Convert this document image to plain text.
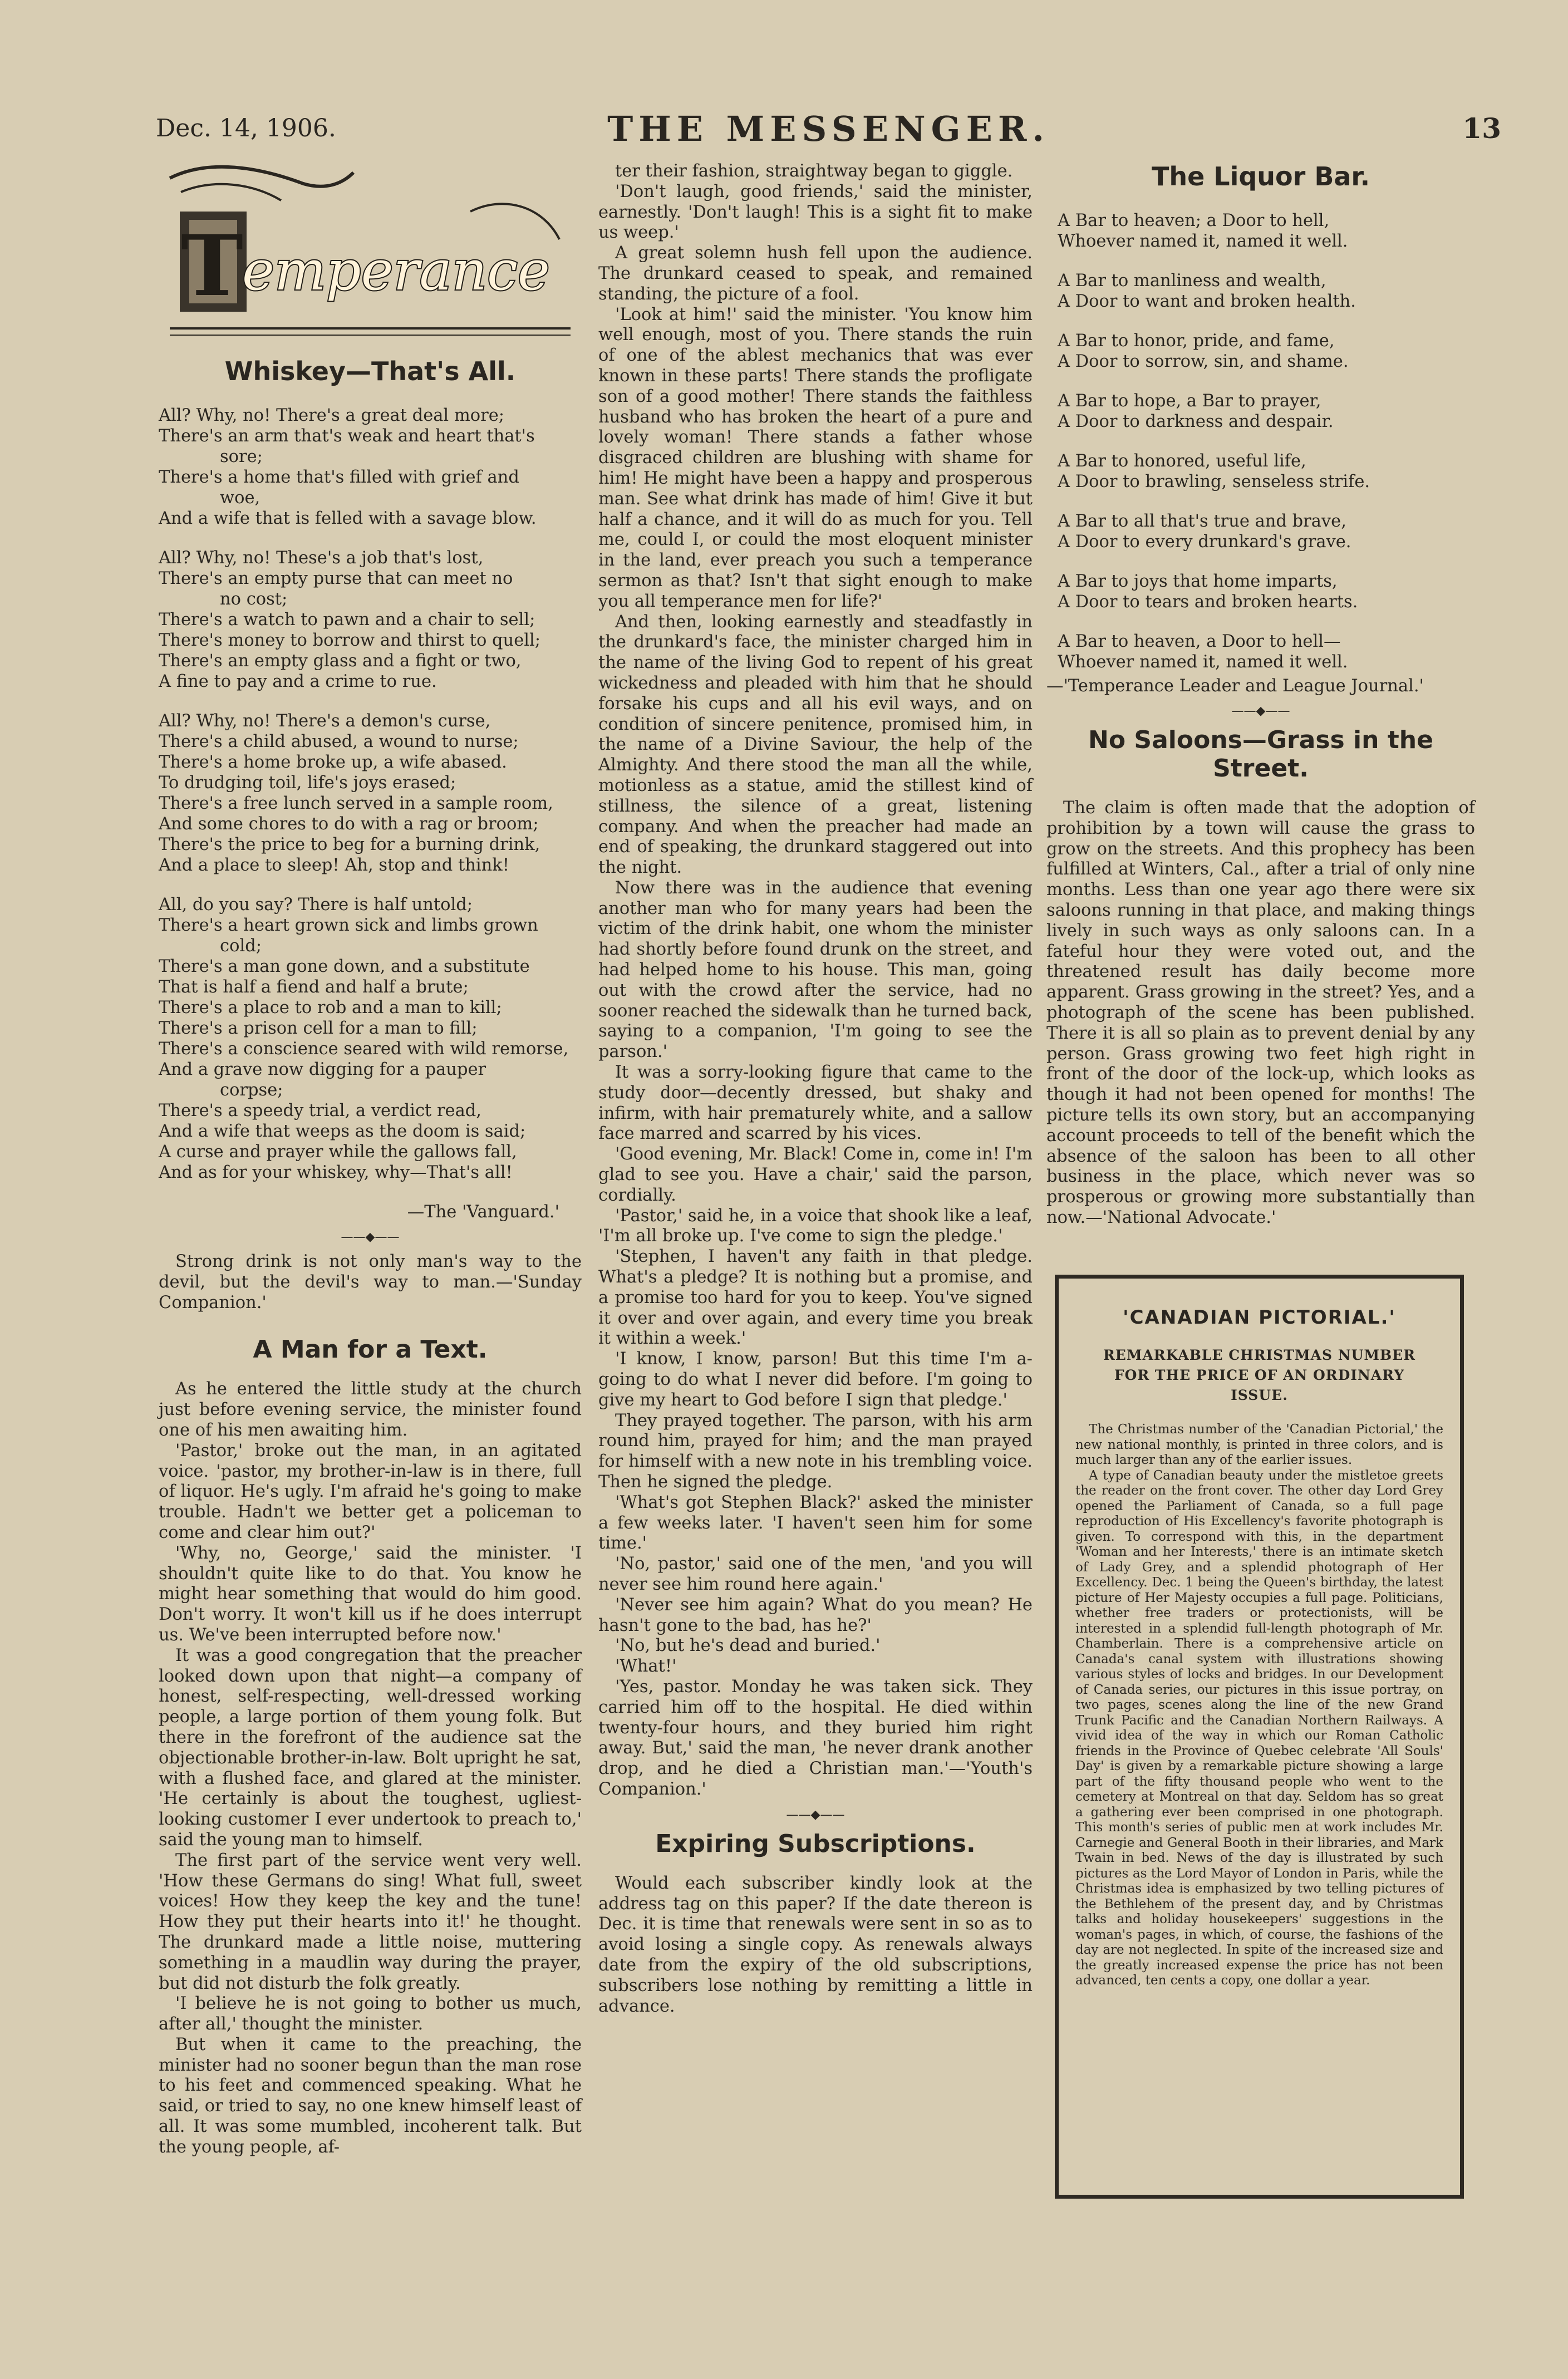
Dec. 14, 1906.	THE MESSENGER.	13
T
emperance
Whiskey—That's All.
All? Why, no! There's a great deal more;
There's an arm that's weak and heart that's
sore;
There's a home that's filled with grief and
woe,
And a wife that is felled with a savage blow.
All? Why, no! These's a job that's lost,
There's an empty purse that can meet no
no cost;
There's a watch to pawn and a chair to sell;
There's money to borrow and thirst to quell;
There's an empty glass and a fight or two,
A fine to pay and a crime to rue.
All? Why, no! There's a demon's curse,
There's a child abused, a wound to nurse;
There's a home broke up, a wife abased.
To drudging toil, life's joys erased;
There's a free lunch served in a sample room,
And some chores to do with a rag or broom;
There's the price to beg for a burning drink,
And a place to sleep! Ah, stop and think!
All, do you say? There is half untold;
There's a heart grown sick and limbs grown
cold;
There's a man gone down, and a substitute
That is half a fiend and half a brute;
There's a place to rob and a man to kill;
There's a prison cell for a man to fill;
There's a conscience seared with wild remorse,
And a grave now digging for a pauper
corpse;
There's a speedy trial, a verdict read,
And a wife that weeps as the doom is said;
A curse and prayer while the gallows fall,
And as for your whiskey, why—That's all!
—The 'Vanguard.'
——◆——

Strong drink is not only man's way to the devil, but the devil's way to man.—'Sunday Companion.'

A Man for a Text.

As he entered the little study at the church just before evening service, the minister found one of his men awaiting him.

'Pastor,' broke out the man, in an agitated voice. 'pastor, my brother-in-law is in there, full of liquor. He's ugly. I'm afraid he's going to make trouble. Hadn't we better get a policeman to come and clear him out?'

'Why, no, George,' said the minister. 'I shouldn't quite like to do that. You know he might hear something that would do him good. Don't worry. It won't kill us if he does interrupt us. We've been interrupted before now.'

It was a good congregation that the preacher looked down upon that night—a company of honest, self-respecting, well-dressed working people, a large portion of them young folk. But there in the forefront of the audience sat the objectionable brother-in-law. Bolt upright he sat, with a flushed face, and glared at the minister. 'He certainly is about the toughest, ugliest-looking customer I ever undertook to preach to,' said the young man to himself.

The first part of the service went very well. 'How these Germans do sing! What full, sweet voices! How they keep the key and the tune! How they put their hearts into it!' he thought. The drunkard made a little noise, muttering something in a maudlin way during the prayer, but did not disturb the folk greatly.

'I believe he is not going to bother us much, after all,' thought the minister.

But when it came to the preaching, the minister had no sooner begun than the man rose to his feet and commenced speaking. What he said, or tried to say, no one knew himself least of all. It was some mumbled, incoherent talk. But the young people, af-

ter their fashion, straightway began to giggle.

'Don't laugh, good friends,' said the minister, earnestly. 'Don't laugh! This is a sight fit to make us weep.'

A great solemn hush fell upon the audience. The drunkard ceased to speak, and remained standing, the picture of a fool.

'Look at him!' said the minister. 'You know him well enough, most of you. There stands the ruin of one of the ablest mechanics that was ever known in these parts! There stands the profligate son of a good mother! There stands the faithless husband who has broken the heart of a pure and lovely woman! There stands a father whose disgraced children are blushing with shame for him! He might have been a happy and prosperous man. See what drink has made of him! Give it but half a chance, and it will do as much for you. Tell me, could I, or could the most eloquent minister in the land, ever preach you such a temperance sermon as that? Isn't that sight enough to make you all temperance men for life?'

And then, looking earnestly and steadfastly in the drunkard's face, the minister charged him in the name of the living God to repent of his great wickedness and pleaded with him that he should forsake his cups and all his evil ways, and on condition of sincere penitence, promised him, in the name of a Divine Saviour, the help of the Almighty. And there stood the man all the while, motionless as a statue, amid the stillest kind of stillness, the silence of a great, listening company. And when the preacher had made an end of speaking, the drunkard staggered out into the night.

Now there was in the audience that evening another man who for many years had been the victim of the drink habit, one whom the minister had shortly before found drunk on the street, and had helped home to his house. This man, going out with the crowd after the service, had no sooner reached the sidewalk than he turned back, saying to a companion, 'I'm going to see the parson.'

It was a sorry-looking figure that came to the study door—decently dressed, but shaky and infirm, with hair prematurely white, and a sallow face marred and scarred by his vices.

'Good evening, Mr. Black! Come in, come in! I'm glad to see you. Have a chair,' said the parson, cordially.

'Pastor,' said he, in a voice that shook like a leaf, 'I'm all broke up. I've come to sign the pledge.'

'Stephen, I haven't any faith in that pledge. What's a pledge? It is nothing but a promise, and a promise too hard for you to keep. You've signed it over and over again, and every time you break it within a week.'

'I know, I know, parson! But this time I'm a-going to do what I never did before. I'm going to give my heart to God before I sign that pledge.'

They prayed together. The parson, with his arm round him, prayed for him; and the man prayed for himself with a new note in his trembling voice. Then he signed the pledge.

'What's got Stephen Black?' asked the minister a few weeks later. 'I haven't seen him for some time.'

'No, pastor,' said one of the men, 'and you will never see him round here again.'

'Never see him again? What do you mean? He hasn't gone to the bad, has he?'

'No, but he's dead and buried.'

'What!'

'Yes, pastor. Monday he was taken sick. They carried him off to the hospital. He died within twenty-four hours, and they buried him right away. But,' said the man, 'he never drank another drop, and he died a Christian man.'—'Youth's Companion.'

——◆——
Expiring Subscriptions.

Would each subscriber kindly look at the address tag on this paper? If the date thereon is Dec. it is time that renewals were sent in so as to avoid losing a single copy. As renewals always date from the expiry of the old subscriptions, subscribers lose nothing by remitting a little in advance.

The Liquor Bar.
A Bar to heaven; a Door to hell,
Whoever named it, named it well.
A Bar to manliness and wealth,
A Door to want and broken health.
A Bar to honor, pride, and fame,
A Door to sorrow, sin, and shame.
A Bar to hope, a Bar to prayer,
A Door to darkness and despair.
A Bar to honored, useful life,
A Door to brawling, senseless strife.
A Bar to all that's true and brave,
A Door to every drunkard's grave.
A Bar to joys that home imparts,
A Door to tears and broken hearts.
A Bar to heaven, a Door to hell—
Whoever named it, named it well.
—'Temperance Leader and League Journal.'
——◆——
No Saloons—Grass in the Street.

The claim is often made that the adoption of prohibition by a town will cause the grass to grow on the streets. And this prophecy has been fulfilled at Winters, Cal., after a trial of only nine months. Less than one year ago there were six saloons running in that place, and making things lively in such ways as only saloons can. In a fateful hour they were voted out, and the threatened result has daily become more apparent. Grass growing in the street? Yes, and a photograph of the scene has been published. There it is all so plain as to prevent denial by any person. Grass growing two feet high right in front of the door of the lock-up, which looks as though it had not been opened for months! The picture tells its own story, but an accompanying account proceeds to tell of the benefit which the absence of the saloon has been to all other business in the place, which never was so prosperous or growing more substantially than now.—'National Advocate.'

'CANADIAN PICTORIAL.'
REMARKABLE CHRISTMAS NUMBER FOR THE PRICE OF AN ORDINARY ISSUE.

The Christmas number of the 'Canadian Pictorial,' the new national monthly, is printed in three colors, and is much larger than any of the earlier issues.

A type of Canadian beauty under the mistletoe greets the reader on the front cover. The other day Lord Grey opened the Parliament of Canada, so a full page reproduction of His Excellency's favorite photograph is given. To correspond with this, in the department 'Woman and her Interests,' there is an intimate sketch of Lady Grey, and a splendid photograph of Her Excellency. Dec. 1 being the Queen's birthday, the latest picture of Her Majesty occupies a full page. Politicians, whether free traders or protectionists, will be interested in a splendid full-length photograph of Mr. Chamberlain. There is a comprehensive article on Canada's canal system with illustrations showing various styles of locks and bridges. In our Development of Canada series, our pictures in this issue portray, on two pages, scenes along the line of the new Grand Trunk Pacific and the Canadian Northern Railways. A vivid idea of the way in which our Roman Catholic friends in the Province of Quebec celebrate 'All Souls' Day' is given by a remarkable picture showing a large part of the fifty thousand people who went to the cemetery at Montreal on that day. Seldom has so great a gathering ever been comprised in one photograph. This month's series of public men at work includes Mr. Carnegie and General Booth in their libraries, and Mark Twain in bed. News of the day is illustrated by such pictures as the Lord Mayor of London in Paris, while the Christmas idea is emphasized by two telling pictures of the Bethlehem of the present day, and by Christmas talks and holiday housekeepers' suggestions in the woman's pages, in which, of course, the fashions of the day are not neglected. In spite of the increased size and the greatly increased expense the price has not been advanced, ten cents a copy, one dollar a year.
